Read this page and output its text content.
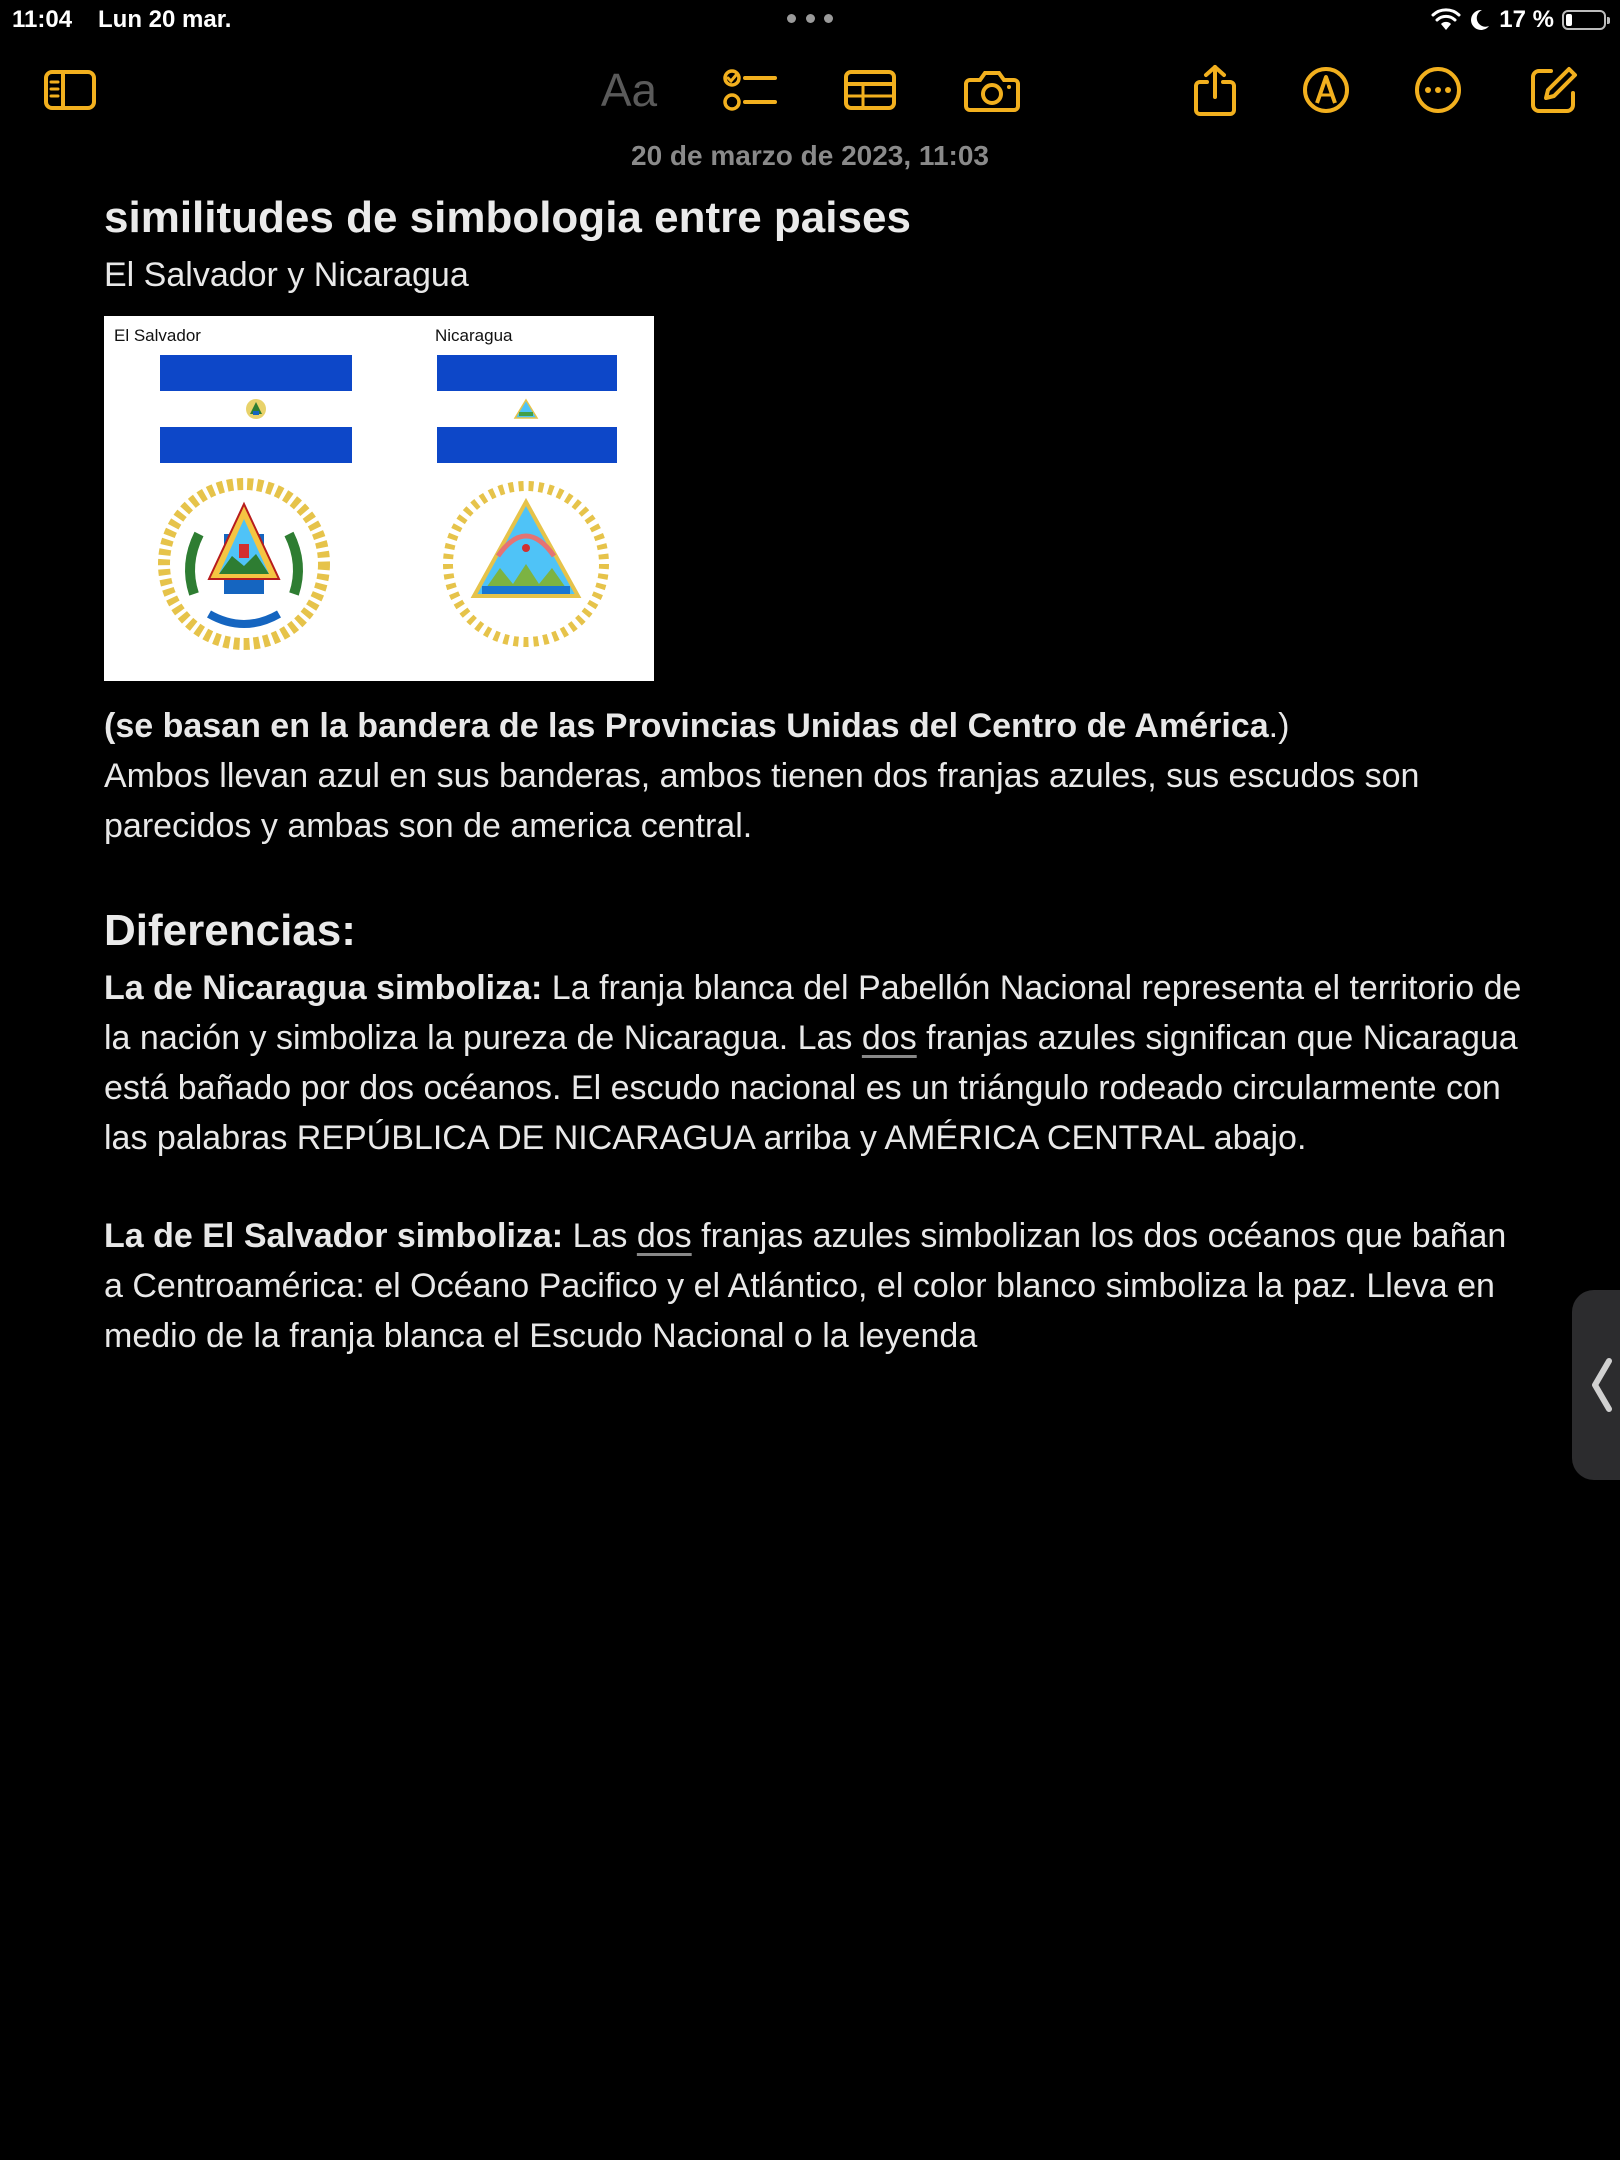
11:04 Lun 20 mar.	17 %
Aa
20 de marzo de 2023, 11:03
similitudes de simbologia entre paises

El Salvador y Nicaragua

El Salvador	Nicaragua

(se basan en la bandera de las Provincias Unidas del Centro de América.)

Ambos llevan azul en sus banderas, ambos tienen dos franjas azules, sus escudos son parecidos y ambas son de america central.

Diferencias:

La de Nicaragua simboliza: La franja blanca del Pabellón Nacional representa el territorio de la nación y simboliza la pureza de Nicaragua. Las dos franjas azules significan que Nicaragua está bañado por dos océanos. El escudo nacional es un triángulo rodeado circularmente con las palabras REPÚBLICA DE NICARAGUA arriba y AMÉRICA CENTRAL abajo.

La de El Salvador simboliza: Las dos franjas azules simbolizan los dos océanos que bañan a Centroamérica: el Océano Pacifico y el Atlántico, el color blanco simboliza la paz. Lleva en medio de la franja blanca el Escudo Nacional o la leyenda
